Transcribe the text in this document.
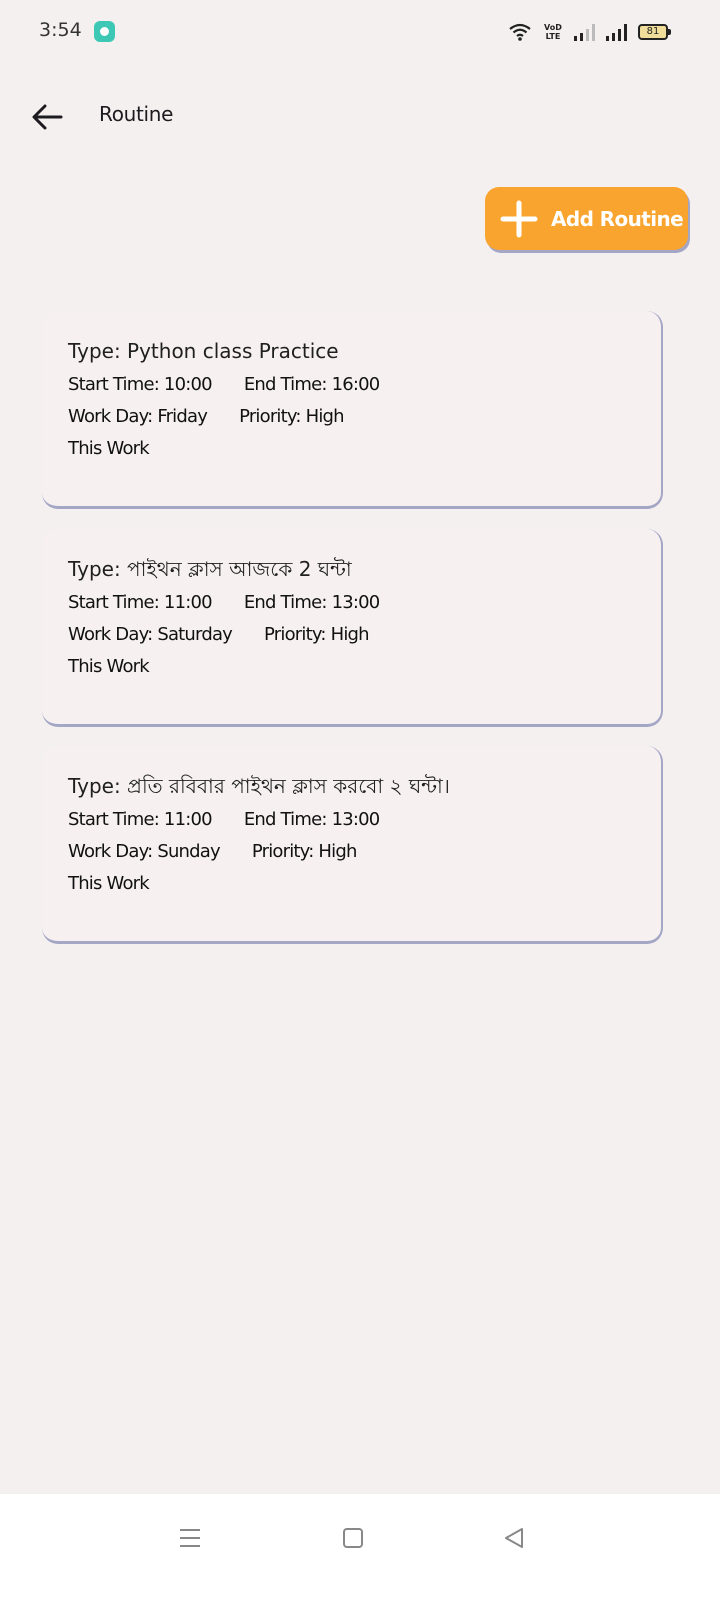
3:54	VoD
LTE	81
Routine
Add Routine
Type: Python class Practice
Start Time: 10:00 End Time: 16:00
Work Day: Friday Priority: High
This Work
Type: পাইথন ক্লাস আজকে 2 ঘন্টা
Start Time: 11:00 End Time: 13:00
Work Day: Saturday Priority: High
This Work
Type: প্রতি রবিবার পাইথন ক্লাস করবো ২ ঘন্টা।
Start Time: 11:00 End Time: 13:00
Work Day: Sunday Priority: High
This Work
